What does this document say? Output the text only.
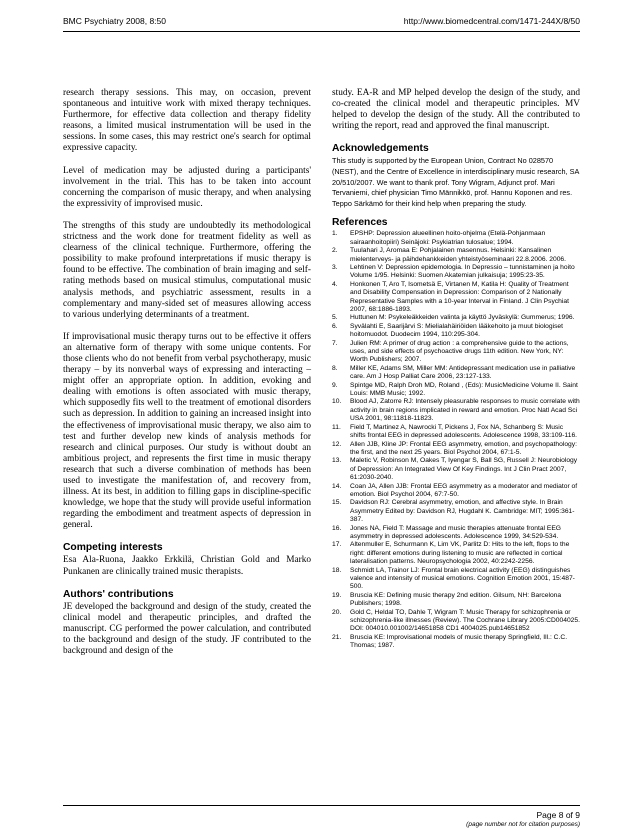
BMC Psychiatry 2008, 8:50	http://www.biomedcentral.com/1471-244X/8/50

research therapy sessions. This may, on occasion, prevent spontaneous and intuitive work with mixed therapy techniques. Furthermore, for effective data collection and therapy fidelity reasons, a limited musical instrumentation will be used in the sessions. In some cases, this may restrict one's search for optimal expressive capacity.

Level of medication may be adjusted during a participants' involvement in the trial. This has to be taken into account concerning the comparison of music therapy, and when analysing the expressivity of improvised music.

The strengths of this study are undoubtedly its methodological strictness and the work done for treatment fidelity as well as clearness of the clinical technique. Furthermore, offering the possibility to make profound interpretations if music therapy is found to be effective. The combination of brain imaging and self-rating methods based on musical stimulus, computational music analysis methods, and psychiatric assessment, results in a complementary and many-sided set of measures allowing access to various underlying determinants of a treatment.

If improvisational music therapy turns out to be effective it offers an alternative form of therapy with some unique contents. For those clients who do not benefit from verbal psychotherapy, music therapy – by its nonverbal ways of expressing and interacting – might offer an appropriate option. In addition, evoking and dealing with emotions is often associated with music therapy, which supposedly fits well to the treatment of emotional disorders such as depression. In addition to gaining an increased insight into the effectiveness of improvisational music therapy, we also aim to test and further develop new kinds of analysis methods for research and clinical purposes. Our study is without doubt an ambitious project, and represents the first time in music therapy research that such a diverse combination of methods has been used to investigate the manifestation of, and recovery from, illness. At its best, in addition to filling gaps in discipline-specific knowledge, we hope that the study will provide useful information regarding the embodiment and treatment aspects of depression in general.

Competing interests

Esa Ala-Ruona, Jaakko Erkkilä, Christian Gold and Marko Punkanen are clinically trained music therapists.

Authors' contributions

JE developed the background and design of the study, created the clinical model and therapeutic principles, and drafted the manuscript. CG performed the power calculation, and contributed to the background and design of the study. JF contributed to the background and design of the

study. EA-R and MP helped develop the design of the study, and co-created the clinical model and therapeutic principles. MV helped to develop the design of the study. All the contributed to writing the report, read and approved the final manuscript.

Acknowledgements

This study is supported by the European Union, Contract No 028570 (NEST), and the Centre of Excellence in interdisciplinary music research, SA 20/510/2007. We want to thank prof. Tony Wigram, Adjunct prof. Mari Tervaniemi, chief physician Timo Männikkö, prof. Hannu Koponen and res. Teppo Särkämö for their kind help when preparing the study.

References
1.	EPSHP: Depression alueellinen hoito-ohjelma (Etelä-Pohjanmaan sairaanhoitopiiri) Seinäjoki: Psykiatrian tulosalue; 1994.
2.	Tuulahari J, Aromaa E: Pohjalainen masennus. Helsinki: Kansalinen mielenterveys- ja päihdehankkeiden yhteistyöseminaari 22.8.2006. 2006.
3.	Lehtinen V: Depression epidemologia. In Depressio – tunnistaminen ja hoito Volume 1/95. Helsinki: Suomen Akatemian julkaisuja; 1995:23-35.
4.	Honkonen T, Aro T, Isometsä E, Virtanen M, Katila H: Quality of Treatment and Disability Compensation in Depression: Comparison of 2 Nationally Representative Samples with a 10-year Interval in Finland. J Clin Psychiat 2007, 68:1886-1893.
5.	Huttunen M: Psykeleäkkeiden valinta ja käyttö Jyväskylä: Gummerus; 1996.
6.	Syvälahti E, Saarijärvi S: Mielialahäiriöiden lääkehoito ja muut biologiset hoitomuodot. Duodecim 1994, 110:295-304.
7.	Julien RM: A primer of drug action : a comprehensive guide to the actions, uses, and side effects of psychoactive drugs 11th edition. New York, NY: Worth Publishers; 2007.
8.	Miller KE, Adams SM, Miller MM: Antidepressant medication use in palliative care. Am J Hosp Palliat Care 2006, 23:127-133.
9.	Spintge MD, Ralph Droh MD, Roland , (Eds): MusicMedicine Volume II. Saint Louis: MMB Music; 1992.
10.	Blood AJ, Zatorre RJ: Intensely pleasurable responses to music correlate with activity in brain regions implicated in reward and emotion. Proc Natl Acad Sci USA 2001, 98:11818-11823.
11.	Field T, Martinez A, Nawrocki T, Pickens J, Fox NA, Schanberg S: Music shifts frontal EEG in depressed adolescents. Adolescence 1998, 33:109-116.
12.	Allen JJB, Kline JP: Frontal EEG asymmetry, emotion, and psychopathology: the first, and the next 25 years. Biol Psychol 2004, 67:1-5.
13.	Maletic V, Robinson M, Oakes T, Iyengar S, Ball SG, Russell J: Neurobiology of Depression: An Integrated View Of Key Findings. Int J Clin Pract 2007, 61:2030-2040.
14.	Coan JA, Allen JJB: Frontal EEG asymmetry as a moderator and mediator of emotion. Biol Psychol 2004, 67:7-50.
15.	Davidson RJ: Cerebral asymmetry, emotion, and affective style. In Brain Asymmetry Edited by: Davidson RJ, Hugdahl K. Cambridge: MIT; 1995:361-387.
16.	Jones NA, Field T: Massage and music therapies attenuate frontal EEG asymmetry in depressed adolescents. Adolescence 1999, 34:529-534.
17.	Altenmuller E, Schurmann K, Lim VK, Parlitz D: Hits to the left, flops to the right: different emotions during listening to music are reflected in cortical lateralisation patterns. Neuropsychologia 2002, 40:2242-2256.
18.	Schmidt LA, Trainor LJ: Frontal brain electrical activity (EEG) distinguishes valence and intensity of musical emotions. Cognition Emotion 2001, 15:487-500.
19.	Bruscia KE: Defining music therapy 2nd edition. Gilsum, NH: Barcelona Publishers; 1998.
20.	Gold C, Heldal TO, Dahle T, Wigram T: Music Therapy for schizophrenia or schizophrenia-like illnesses (Review). The Cochrane Library 2005:CD004025. DOI: 004010.001002/14651858 CD1 4004025.pub14651852
21.	Bruscia KE: Improvisational models of music therapy Springfield, Ill.: C.C. Thomas; 1987.
Page 8 of 9
(page number not for citation purposes)
